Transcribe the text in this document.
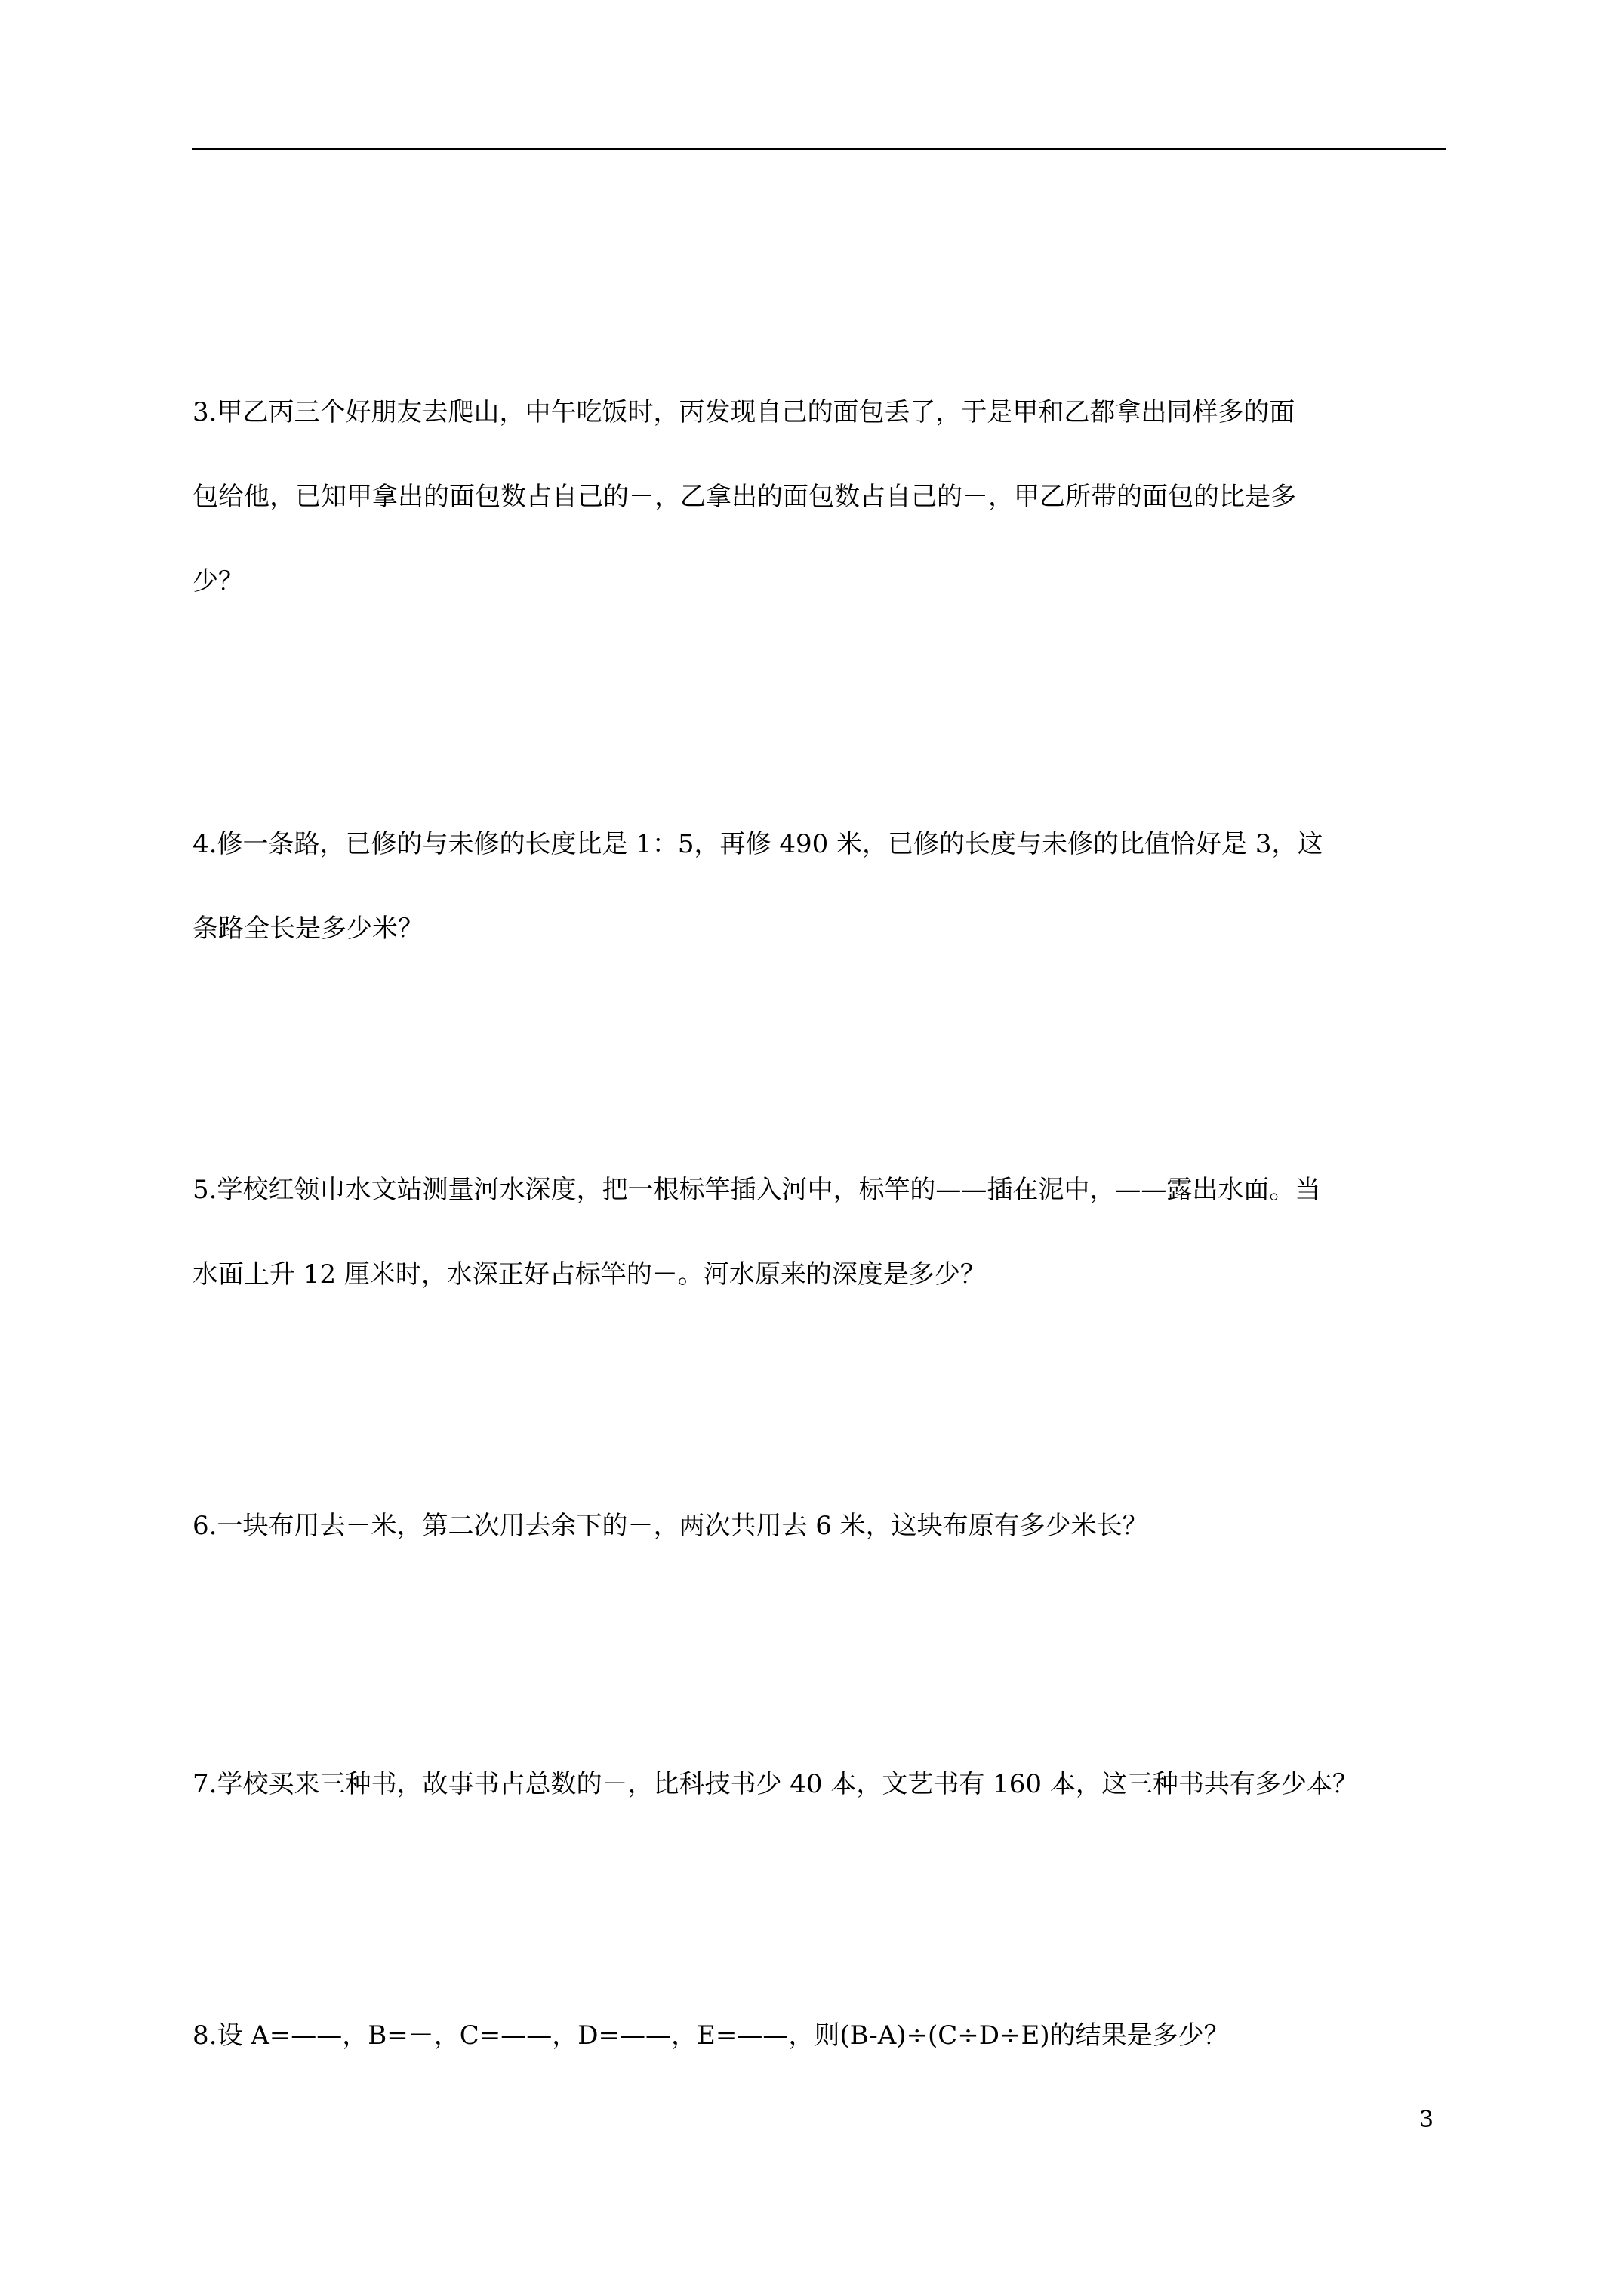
3.甲乙丙三个好朋友去爬山，中午吃饭时，丙发现自己的面包丢了，于是甲和乙都拿出同样多的面
包给他，已知甲拿出的面包数占自己的－，乙拿出的面包数占自己的－，甲乙所带的面包的比是多
少？
4.修一条路，已修的与未修的长度比是 1：5，再修 490 米，已修的长度与未修的比值恰好是 3，这
条路全长是多少米？
5.学校红领巾水文站测量河水深度，把一根标竿插入河中，标竿的——插在泥中，——露出水面。当
水面上升 12 厘米时，水深正好占标竿的－。河水原来的深度是多少？
6.一块布用去－米，第二次用去余下的－，两次共用去 6 米，这块布原有多少米长？
7.学校买来三种书，故事书占总数的－，比科技书少 40 本，文艺书有 160 本，这三种书共有多少本？
8.设 A=——，B=－，C=——，D=——，E=——，则(B-A)÷(C÷D÷E)的结果是多少？
3
